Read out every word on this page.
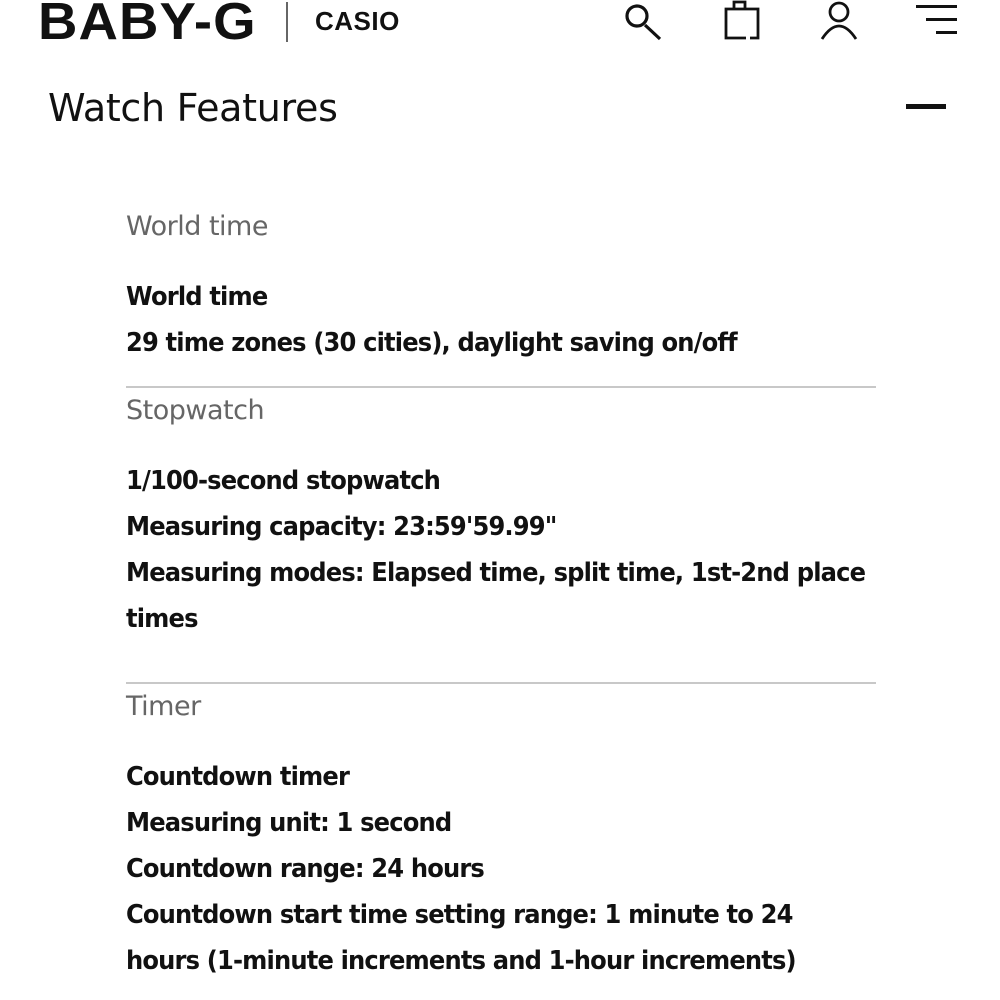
BABY-G CASIO
Watch Features
World time
World time
29 time zones (30 cities), daylight saving on/off
Stopwatch
1/100-second stopwatch
Measuring capacity: 23:59'59.99"
Measuring modes: Elapsed time, split time, 1st-2nd place
times
Timer
Countdown timer
Measuring unit: 1 second
Countdown range: 24 hours
Countdown start time setting range: 1 minute to 24
hours (1-minute increments and 1-hour increments)
